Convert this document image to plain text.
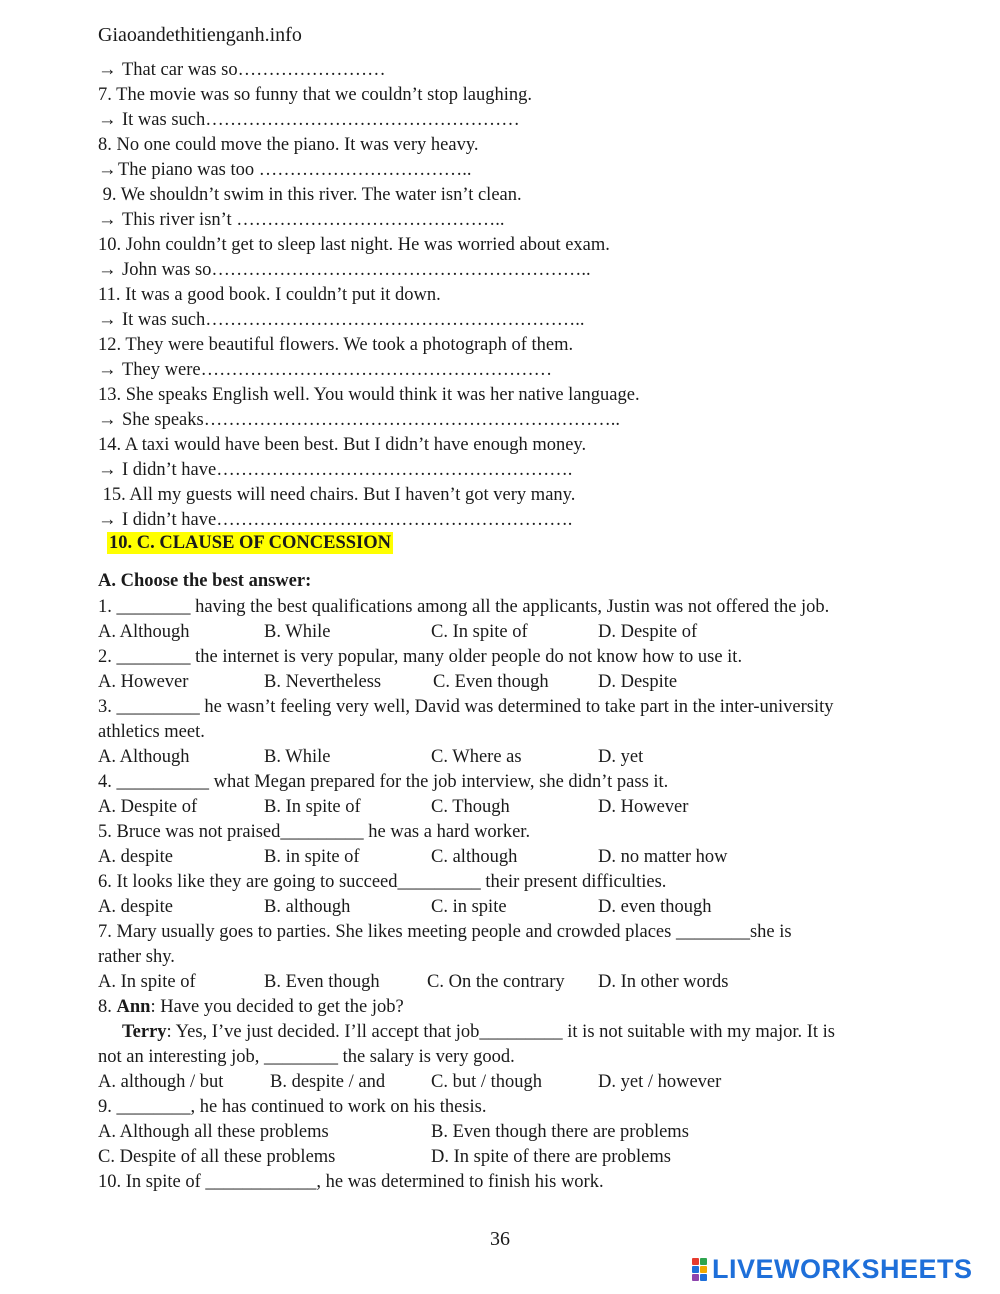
Giaoandethitienganh.info
→ That car was so……………………
7. The movie was so funny that we couldn’t stop laughing.
→ It was such……………………………………………
8. No one could move the piano. It was very heavy.
→The piano was too ……………………………..
9. We shouldn’t swim in this river. The water isn’t clean.
→ This river isn’t ……………………………………..
10. John couldn’t get to sleep last night. He was worried about exam.
→ John was so……………………………………………………..
11. It was a good book. I couldn’t put it down.
→ It was such……………………………………………………..
12. They were beautiful flowers. We took a photograph of them.
→ They were…………………………………………………
13. She speaks English well. You would think it was her native language.
→ She speaks…………………………………………………………..
14. A taxi would have been best. But I didn’t have enough money.
→ I didn’t have………………………………………………….
15. All my guests will need chairs. But I haven’t got very many.
→ I didn’t have………………………………………………….
10. C. CLAUSE OF CONCESSION
A. Choose the best answer:
1. ________ having the best qualifications among all the applicants, Justin was not offered the job.
A. Although	B. While	C. In spite of	D. Despite of
2. ________ the internet is very popular, many older people do not know how to use it.
A. However	B. Nevertheless	C. Even though	D. Despite
3. _________ he wasn’t feeling very well, David was determined to take part in the inter-university
athletics meet.
A. Although	B. While	C. Where as	D. yet
4. __________ what Megan prepared for the job interview, she didn’t pass it.
A. Despite of	B. In spite of	C. Though	D. However
5. Bruce was not praised_________ he was a hard worker.
A. despite	B. in spite of	C. although	D. no matter how
6. It looks like they are going to succeed_________ their present difficulties.
A. despite	B. although	C. in spite	D. even though
7. Mary usually goes to parties. She likes meeting people and crowded places ________she is
rather shy.
A. In spite of	B. Even though	C. On the contrary D. In other words
8. Ann: Have you decided to get the job?
Terry: Yes, I’ve just decided. I’ll accept that job_________ it is not suitable with my major. It is
not an interesting job, ________ the salary is very good.
A. although / but	B. despite / and C. but / though	D. yet / however
9. ________, he has continued to work on his thesis.
A. Although all these problems	B. Even though there are problems
C. Despite of all these problems	D. In spite of there are problems
10. In spite of ____________, he was determined to finish his work.
36
LIVEWORKSHEETS
